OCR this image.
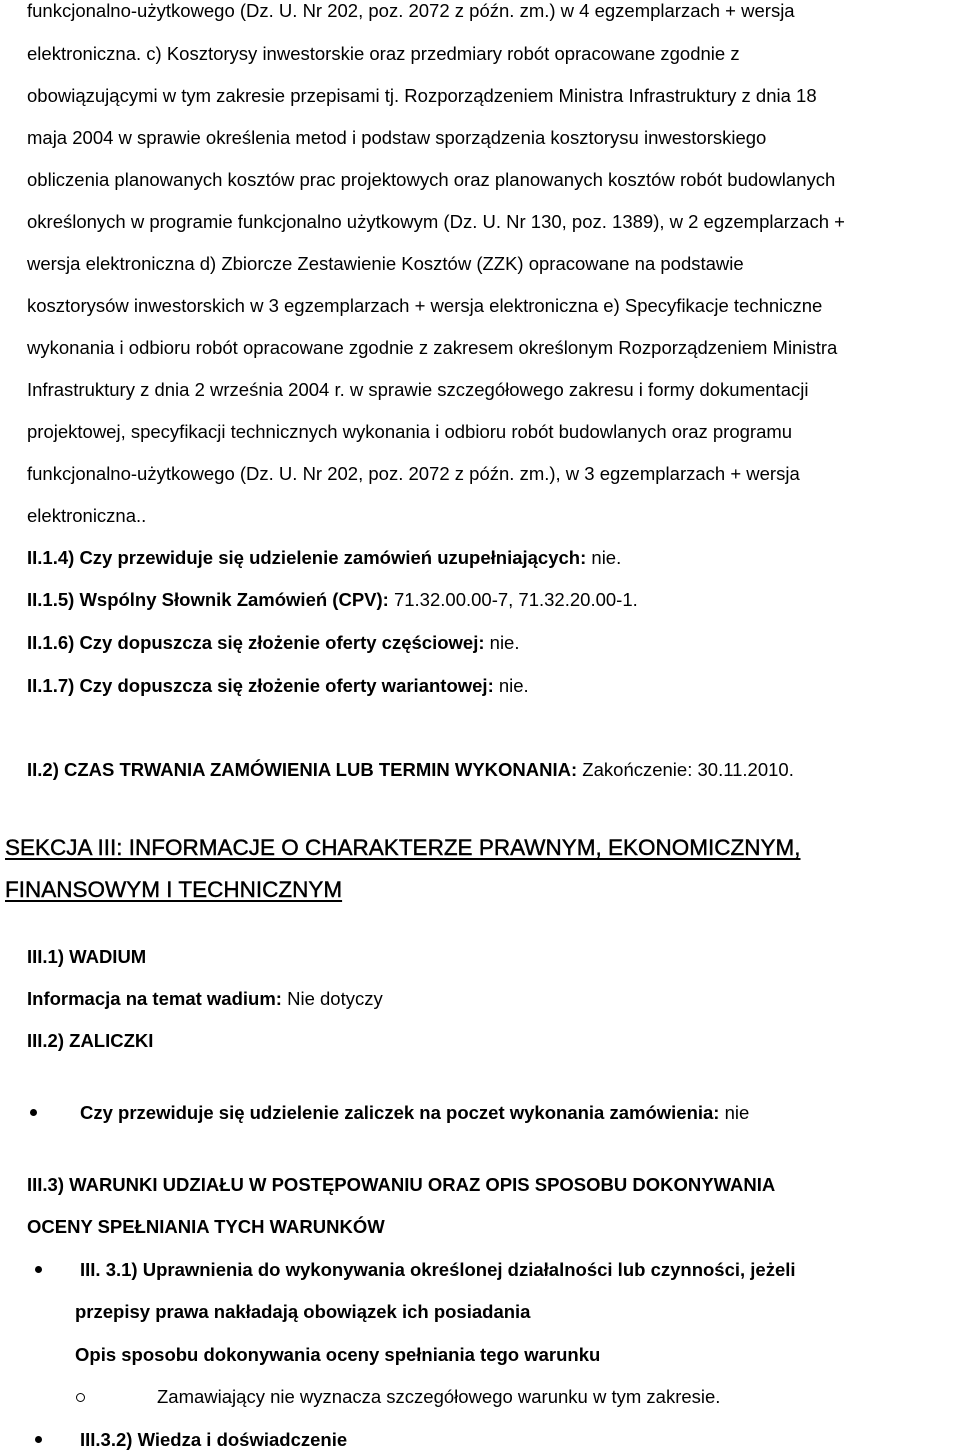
funkcjonalno-użytkowego (Dz. U. Nr 202, poz. 2072 z późn. zm.) w 4 egzemplarzach + wersja
elektroniczna. c) Kosztorysy inwestorskie oraz przedmiary robót opracowane zgodnie z
obowiązującymi w tym zakresie przepisami tj. Rozporządzeniem Ministra Infrastruktury z dnia 18
maja 2004 w sprawie określenia metod i podstaw sporządzenia kosztorysu inwestorskiego
obliczenia planowanych kosztów prac projektowych oraz planowanych kosztów robót budowlanych
określonych w programie funkcjonalno użytkowym (Dz. U. Nr 130, poz. 1389), w 2 egzemplarzach +
wersja elektroniczna d) Zbiorcze Zestawienie Kosztów (ZZK) opracowane na podstawie
kosztorysów inwestorskich w 3 egzemplarzach + wersja elektroniczna e) Specyfikacje techniczne
wykonania i odbioru robót opracowane zgodnie z zakresem określonym Rozporządzeniem Ministra
Infrastruktury z dnia 2 września 2004 r. w sprawie szczegółowego zakresu i formy dokumentacji
projektowej, specyfikacji technicznych wykonania i odbioru robót budowlanych oraz programu
funkcjonalno-użytkowego (Dz. U. Nr 202, poz. 2072 z późn. zm.), w 3 egzemplarzach + wersja
elektroniczna..
II.1.4) Czy przewiduje się udzielenie zamówień uzupełniających: nie.
II.1.5) Wspólny Słownik Zamówień (CPV): 71.32.00.00-7, 71.32.20.00-1.
II.1.6) Czy dopuszcza się złożenie oferty częściowej: nie.
II.1.7) Czy dopuszcza się złożenie oferty wariantowej: nie.
II.2) CZAS TRWANIA ZAMÓWIENIA LUB TERMIN WYKONANIA: Zakończenie: 30.11.2010.
SEKCJA III: INFORMACJE O CHARAKTERZE PRAWNYM, EKONOMICZNYM,
FINANSOWYM I TECHNICZNYM
III.1) WADIUM
Informacja na temat wadium: Nie dotyczy
III.2) ZALICZKI
Czy przewiduje się udzielenie zaliczek na poczet wykonania zamówienia: nie
III.3) WARUNKI UDZIAŁU W POSTĘPOWANIU ORAZ OPIS SPOSOBU DOKONYWANIA
OCENY SPEŁNIANIA TYCH WARUNKÓW
III. 3.1) Uprawnienia do wykonywania określonej działalności lub czynności, jeżeli
przepisy prawa nakładają obowiązek ich posiadania
Opis sposobu dokonywania oceny spełniania tego warunku
Zamawiający nie wyznacza szczegółowego warunku w tym zakresie.
III.3.2) Wiedza i doświadczenie
